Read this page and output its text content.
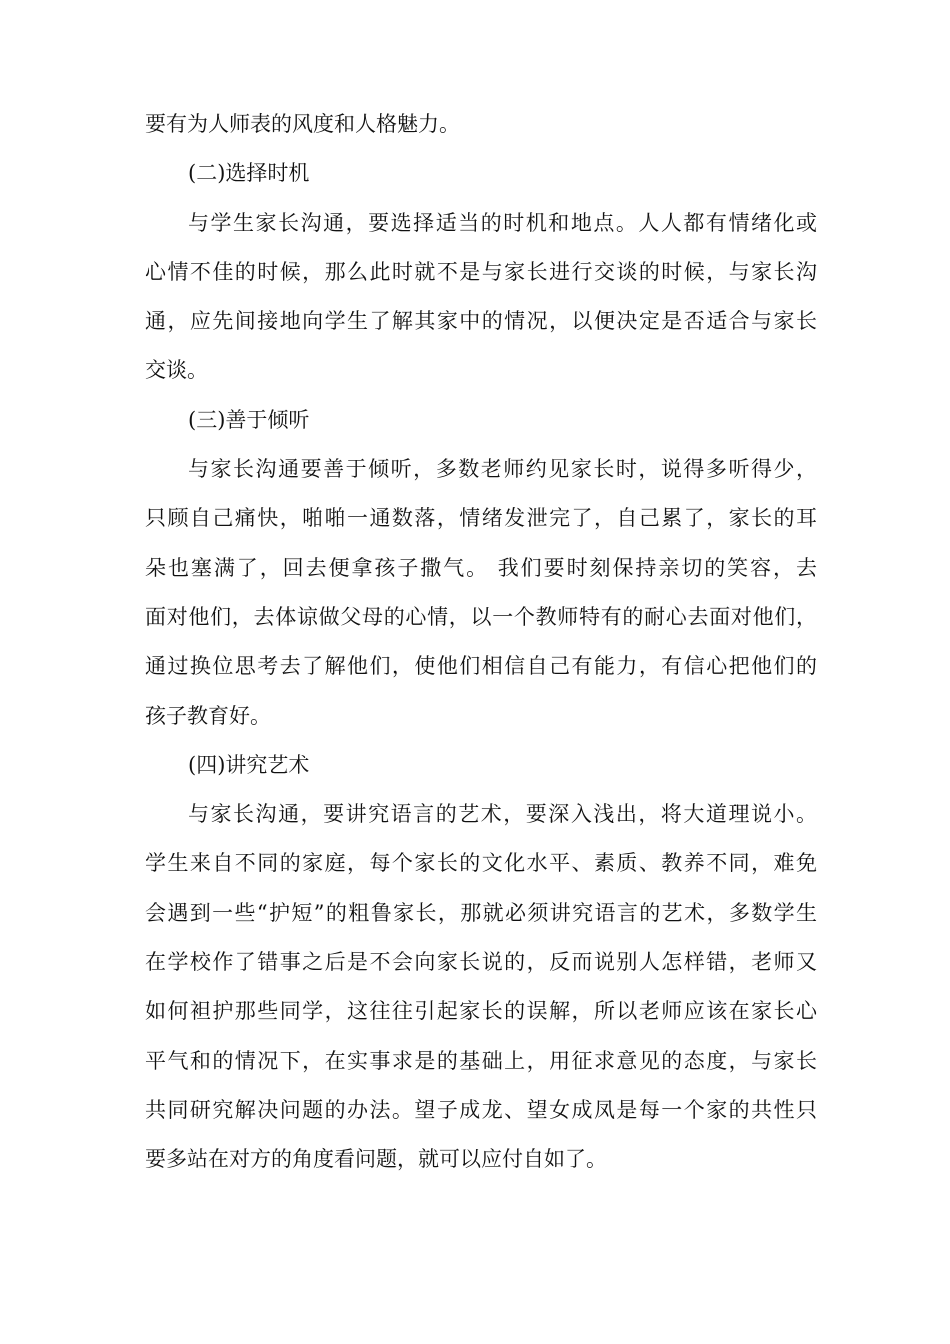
要有为人师表的风度和人格魅力。
(二)选择时机
与学生家长沟通，要选择适当的时机和地点。人人都有情绪化或
心情不佳的时候，那么此时就不是与家长进行交谈的时候，与家长沟
通，应先间接地向学生了解其家中的情况，以便决定是否适合与家长
交谈。
(三)善于倾听
与家长沟通要善于倾听，多数老师约见家长时，说得多听得少，
只顾自己痛快，啪啪一通数落，情绪发泄完了，自己累了，家长的耳
朵也塞满了，回去便拿孩子撒气。 我们要时刻保持亲切的笑容，去
面对他们，去体谅做父母的心情，以一个教师特有的耐心去面对他们，
通过换位思考去了解他们，使他们相信自己有能力，有信心把他们的
孩子教育好。
(四)讲究艺术
与家长沟通，要讲究语言的艺术，要深入浅出，将大道理说小。
学生来自不同的家庭，每个家长的文化水平、素质、教养不同，难免
会遇到一些“护短”的粗鲁家长，那就必须讲究语言的艺术，多数学生
在学校作了错事之后是不会向家长说的，反而说别人怎样错，老师又
如何袒护那些同学，这往往引起家长的误解，所以老师应该在家长心
平气和的情况下，在实事求是的基础上，用征求意见的态度，与家长
共同研究解决问题的办法。望子成龙、望女成凤是每一个家的共性只
要多站在对方的角度看问题，就可以应付自如了。
